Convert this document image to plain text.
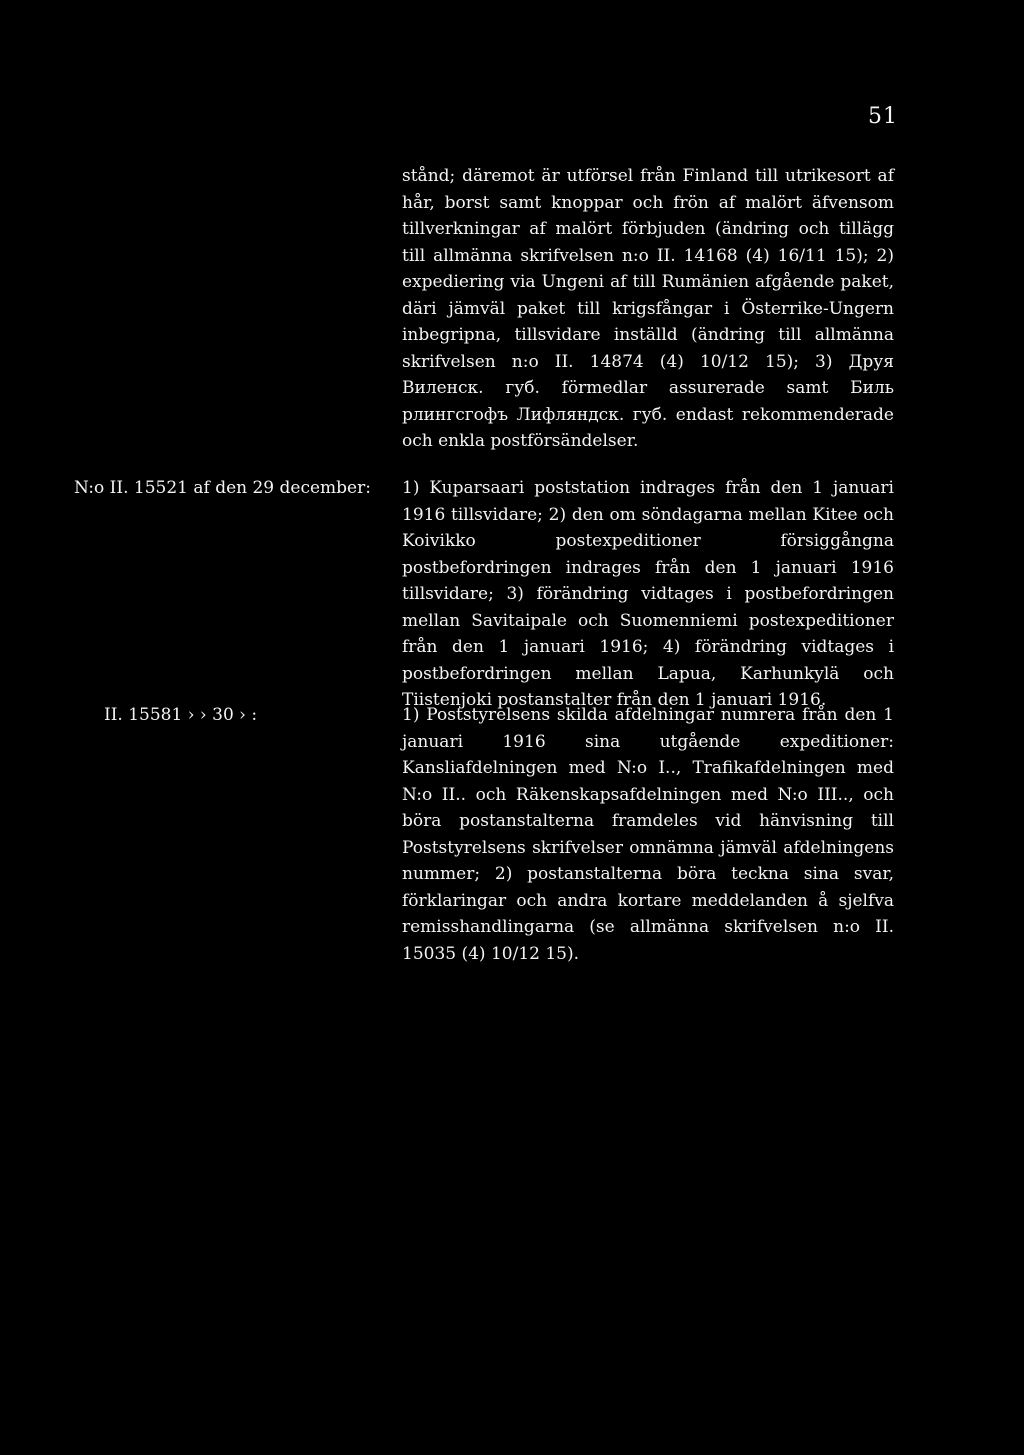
51
stånd; däremot är utförsel från Finland till utrikesort af hår, borst samt knoppar och frön af malört äfvensom tillverkningar af malört förbjuden (ändring och tillägg till allmänna skrifvelsen n:o II. 14168 (4) 16/11 15); 2) expediering via Ungeni af till Rumänien afgående paket, däri jämväl paket till krigsfångar i Österrike-Ungern inbegripna, tillsvidare inställd (ändring till allmänna skrifvelsen n:o II. 14874 (4) 10/12 15); 3) Друя Виленск. губ. förmedlar assurerade samt Биль рлингсгофъ Лифляндск. губ. endast rekommenderade och enkla postförsändelser.
N:o II. 15521 af den 29 december:	1) Kuparsaari poststation indrages från den 1 januari 1916 tillsvidare; 2) den om söndagarna mellan Kitee och Koivikko postexpeditioner försiggångna postbefordringen indrages från den 1 januari 1916 tillsvidare; 3) förändring vidtages i postbefordringen mellan Savitaipale och Suomenniemi postexpeditioner från den 1 januari 1916; 4) förändring vidtages i postbefordringen mellan Lapua, Karhunkylä och Tiistenjoki postanstalter från den 1 januari 1916.
II. 15581 › › 30 › :	1) Poststyrelsens skilda afdelningar numrera från den 1 januari 1916 sina utgående expeditioner: Kansliafdelningen med N:o I.., Trafikafdelningen med N:o II.. och Räkenskapsafdelningen med N:o III.., och böra postanstalterna framdeles vid hänvisning till Poststyrelsens skrifvelser omnämna jämväl afdelningens nummer; 2) postanstalterna böra teckna sina svar, förklaringar och andra kortare meddelanden å sjelfva remisshandlingarna (se allmänna skrifvelsen n:o II. 15035 (4) 10/12 15).
